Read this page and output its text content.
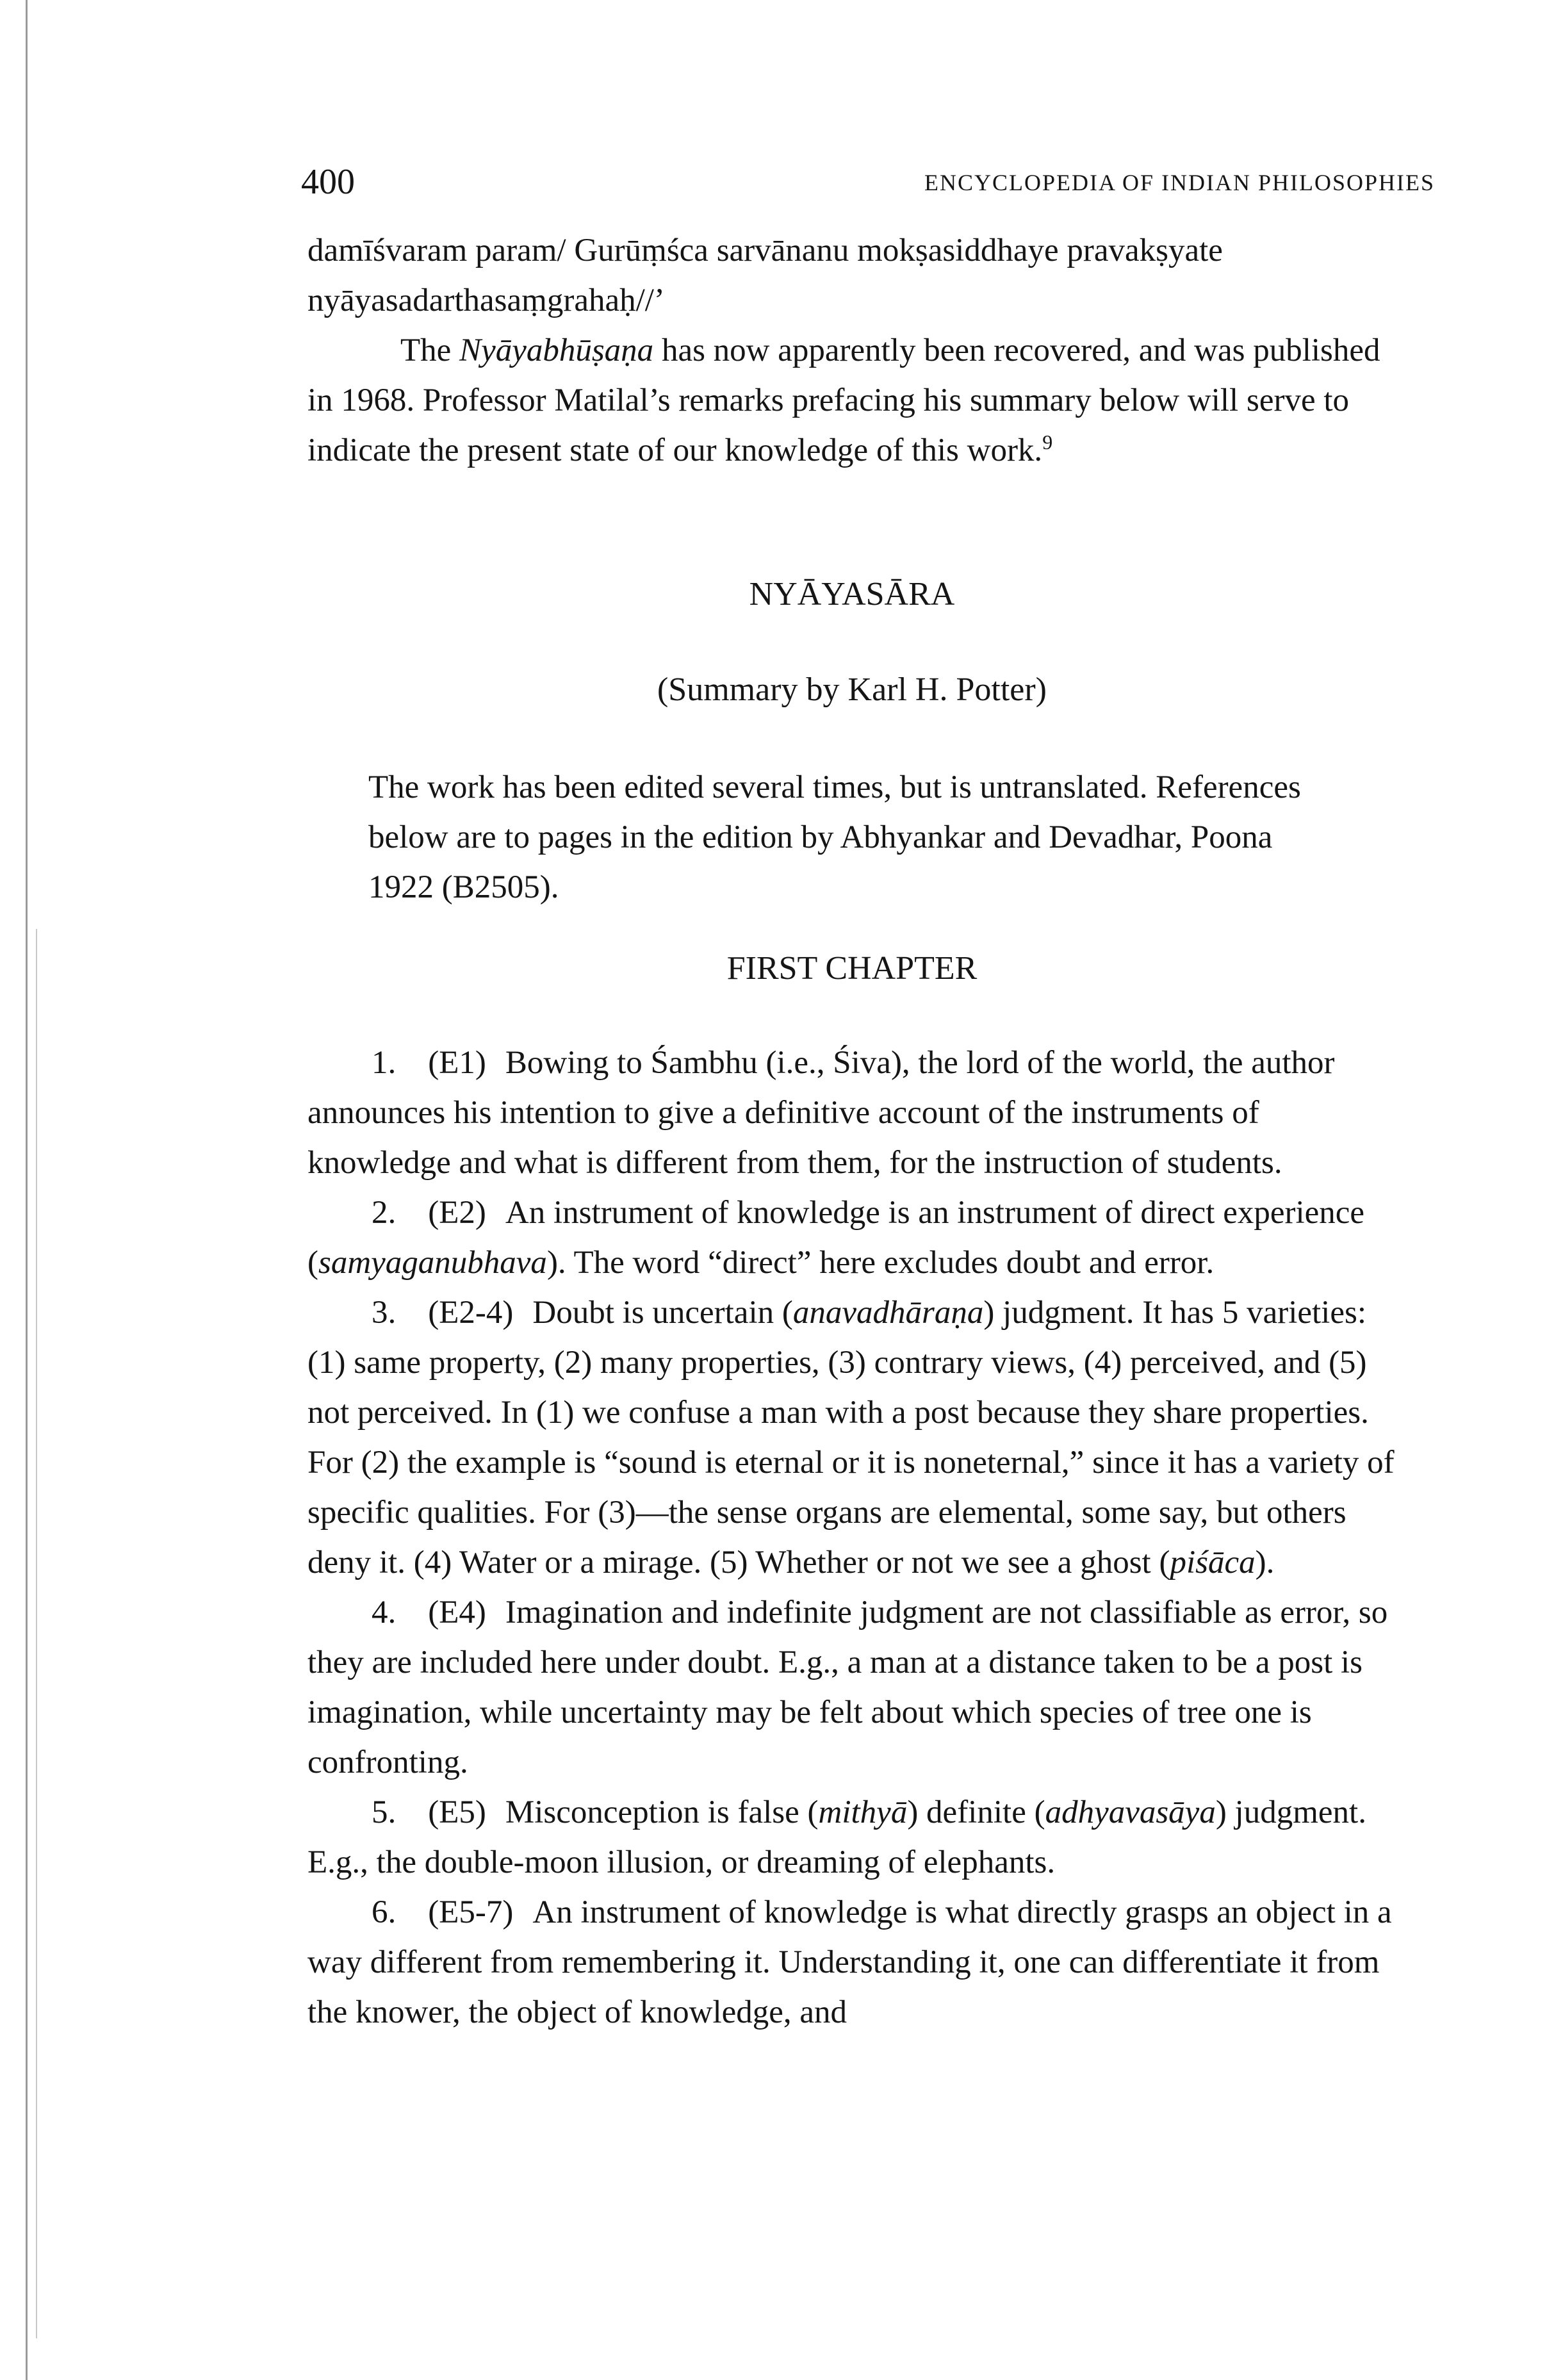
400	ENCYCLOPEDIA OF INDIAN PHILOSOPHIES

damīśvaram param/ Gurūṃśca sarvānanu mokṣasiddhaye pravakṣyate

nyāyasadarthasaṃgrahaḥ//’

The Nyāyabhūṣaṇa has now apparently been recovered, and was published in 1968. Professor Matilal’s remarks prefacing his summary below will serve to indicate the present state of our knowledge of this work.$^9$

NYĀYASĀRA
(Summary by Karl H. Potter)

The work has been edited several times, but is untranslated. References below are to pages in the edition by Abhyankar and Devadhar, Poona 1922 (B2505).

FIRST CHAPTER

1. (E1) Bowing to Śambhu (i.e., Śiva), the lord of the world, the author announces his intention to give a definitive account of the instruments of knowledge and what is different from them, for the instruction of students.

2. (E2) An instrument of knowledge is an instrument of direct experience (samyaganubhava). The word “direct” here excludes doubt and error.

3. (E2-4) Doubt is uncertain (anavadhāraṇa) judgment. It has 5 varieties: (1) same property, (2) many properties, (3) contrary views, (4) perceived, and (5) not perceived. In (1) we confuse a man with a post because they share properties. For (2) the example is “sound is eternal or it is noneternal,” since it has a variety of specific qualities. For (3)—the sense organs are elemental, some say, but others deny it. (4) Water or a mirage. (5) Whether or not we see a ghost (piśāca).

4. (E4) Imagination and indefinite judgment are not classifiable as error, so they are included here under doubt. E.g., a man at a distance taken to be a post is imagination, while uncertainty may be felt about which species of tree one is confronting.

5. (E5) Misconception is false (mithyā) definite (adhyavasāya) judgment. E.g., the double-moon illusion, or dreaming of elephants.

6. (E5-7) An instrument of knowledge is what directly grasps an object in a way different from remembering it. Understanding it, one can differentiate it from the knower, the object of knowledge, and
